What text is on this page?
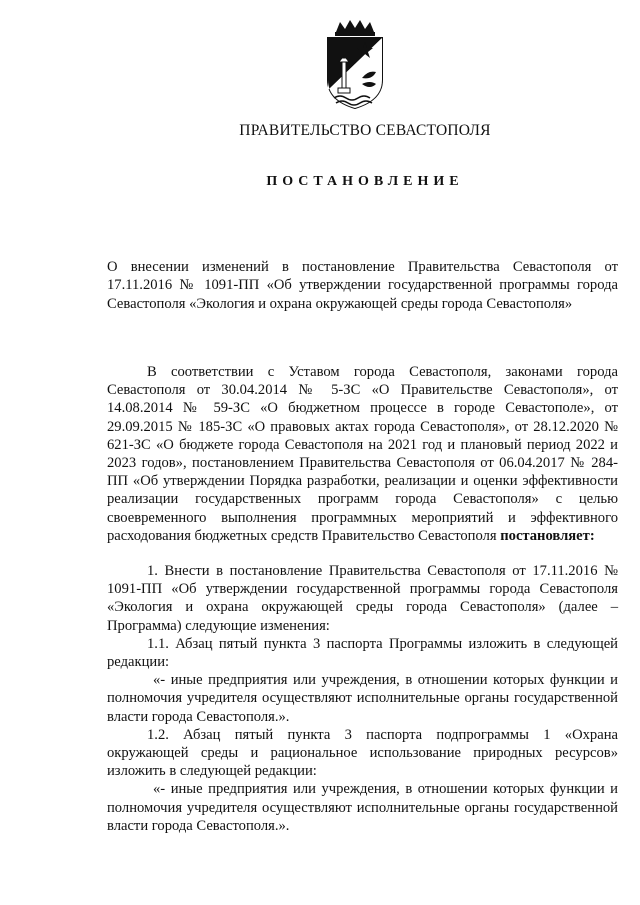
ПРАВИТЕЛЬСТВО СЕВАСТОПОЛЯ
ПОСТАНОВЛЕНИЕ
О внесении изменений в постановление Правительства Севастополя от 17.11.2016 № 1091-ПП «Об утверждении государственной программы города Севастополя «Экология и охрана окружающей среды города Севастополя»

В соответствии с Уставом города Севастополя, законами города Севастополя от 30.04.2014 № 5-ЗС «О Правительстве Севастополя», от 14.08.2014 № 59-ЗС «О бюджетном процессе в городе Севастополе», от 29.09.2015 № 185-ЗС «О правовых актах города Севастополя», от 28.12.2020 № 621-ЗС «О бюджете города Севастополя на 2021 год и плановый период 2022 и 2023 годов», постановлением Правительства Севастополя от 06.04.2017 № 284-ПП «Об утверждении Порядка разработки, реализации и оценки эффективности реализации государственных программ города Севастополя» с целью своевременного выполнения программных мероприятий и эффективного расходования бюджетных средств Правительство Севастополя постановляет:

1. Внести в постановление Правительства Севастополя от 17.11.2016 № 1091-ПП «Об утверждении государственной программы города Севастополя «Экология и охрана окружающей среды города Севастополя» (далее – Программа) следующие изменения:

1.1. Абзац пятый пункта 3 паспорта Программы изложить в следующей редакции:

«- иные предприятия или учреждения, в отношении которых функции и полномочия учредителя осуществляют исполнительные органы государственной власти города Севастополя.».

1.2. Абзац пятый пункта 3 паспорта подпрограммы 1 «Охрана окружающей среды и рациональное использование природных ресурсов» изложить в следующей редакции:

«- иные предприятия или учреждения, в отношении которых функции и полномочия учредителя осуществляют исполнительные органы государственной власти города Севастополя.».
